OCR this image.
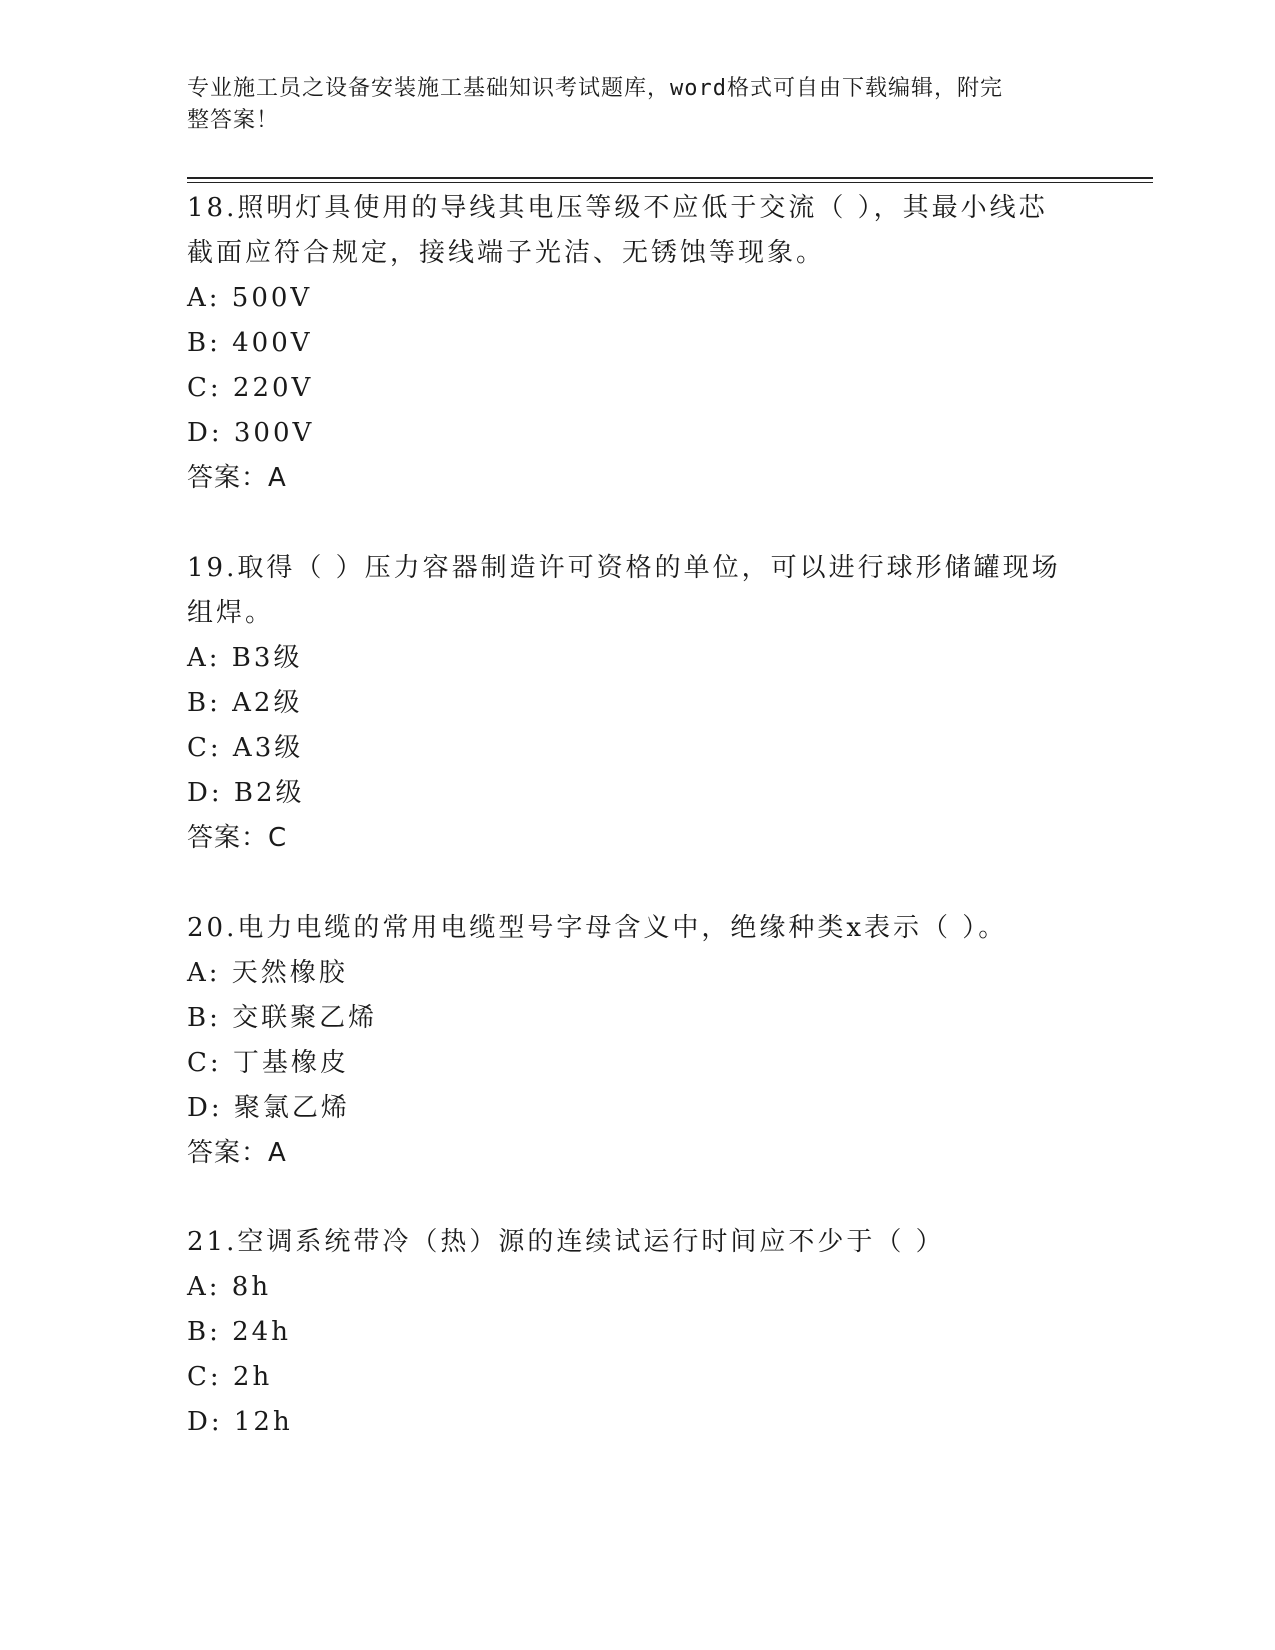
专业施工员之设备安装施工基础知识考试题库，word格式可自由下载编辑，附完
整答案！
18.照明灯具使用的导线其电压等级不应低于交流（ ），其最小线芯
截面应符合规定，接线端子光洁、无锈蚀等现象。
A: 500V
B: 400V
C: 220V
D: 300V
答案：A
19.取得（ ）压力容器制造许可资格的单位，可以进行球形储罐现场
组焊。
A: B3级
B: A2级
C: A3级
D: B2级
答案：C
20.电力电缆的常用电缆型号字母含义中，绝缘种类x表示（ ）。
A: 天然橡胶
B: 交联聚乙烯
C: 丁基橡皮
D: 聚氯乙烯
答案：A
21.空调系统带冷（热）源的连续试运行时间应不少于（ ）
A: 8h
B: 24h
C: 2h
D: 12h
